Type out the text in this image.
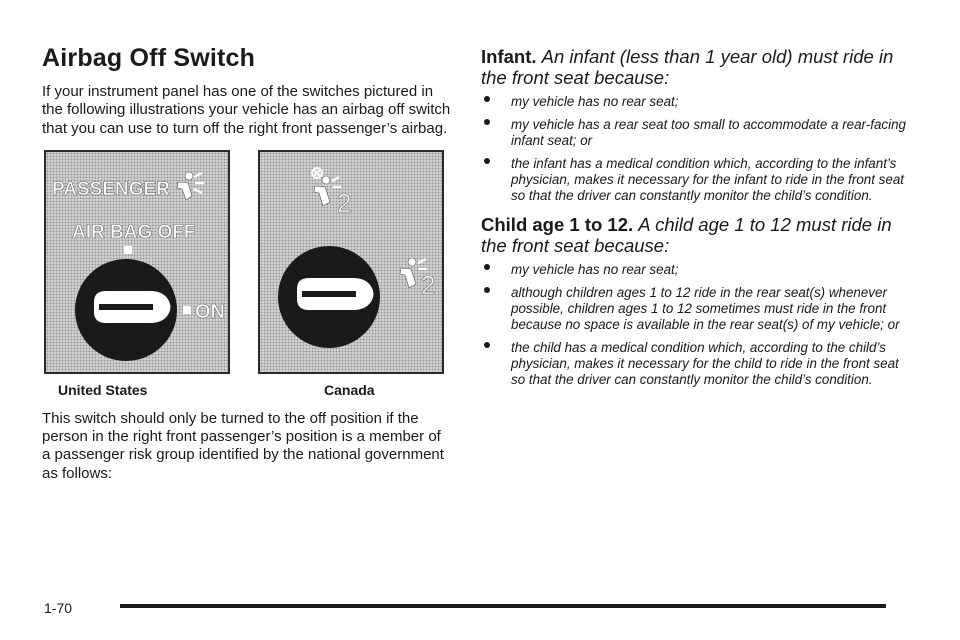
Airbag Off Switch

If your instrument panel has one of the switches pictured in the following illustrations your vehicle has an airbag off switch that you can use to turn off the right front passenger’s airbag.

PASSENGER
AIR BAG OFF
ON
2
2
United States	Canada

This switch should only be turned to the off position if the person in the right front passenger’s position is a member of a passenger risk group identified by the national government as follows:

Infant. An infant (less than 1 year old) must ride in the front seat because:
my vehicle has no rear seat;
my vehicle has a rear seat too small to accommodate a rear-facing infant seat; or
the infant has a medical condition which, according to the infant’s physician, makes it necessary for the infant to ride in the front seat so that the driver can constantly monitor the child’s condition.
Child age 1 to 12. A child age 1 to 12 must ride in the front seat because:
my vehicle has no rear seat;
although children ages 1 to 12 ride in the rear seat(s) whenever possible, children ages 1 to 12 sometimes must ride in the front because no space is available in the rear seat(s) of my vehicle; or
the child has a medical condition which, according to the child’s physician, makes it necessary for the child to ride in the front seat so that the driver can constantly monitor the child’s condition.
1-70
